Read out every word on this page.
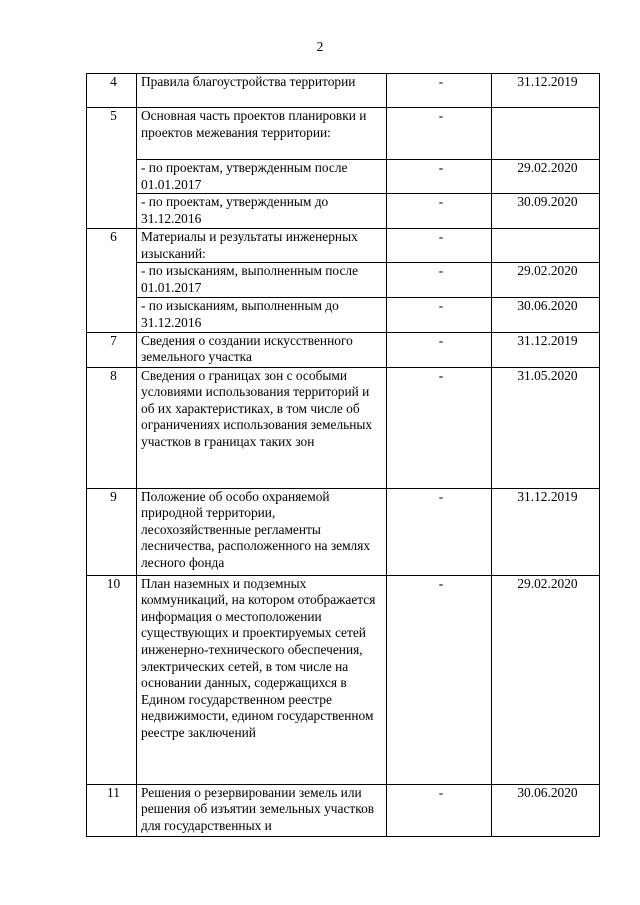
2
4	Правила благоустройства территории	-	31.12.2019
5	Основная часть проектов планировки и проектов межевания территории:	-	
	- по проектам, утвержденным после 01.01.2017	-	29.02.2020
	- по проектам, утвержденным до 31.12.2016	-	30.09.2020
6	Материалы и результаты инженерных изысканий:	-	
	- по изысканиям, выполненным после 01.01.2017	-	29.02.2020
	- по изысканиям, выполненным до 31.12.2016	-	30.06.2020
7	Сведения о создании искусственного земельного участка	-	31.12.2019
8	Сведения о границах зон с особыми условиями использования территорий и об их характеристиках, в том числе об ограничениях использования земельных участков в границах таких зон	-	31.05.2020
9	Положение об особо охраняемой природной территории, лесохозяйственные регламенты лесничества, расположенного на землях лесного фонда	-	31.12.2019
10	План наземных и подземных коммуникаций, на котором отображается информация о местоположении существующих и проектируемых сетей инженерно-технического обеспечения, электрических сетей, в том числе на основании данных, содержащихся в Едином государственном реестре недвижимости, едином государственном реестре заключений	-	29.02.2020
11	Решения о резервировании земель или решения об изъятии земельных участков для государственных и	-	30.06.2020
